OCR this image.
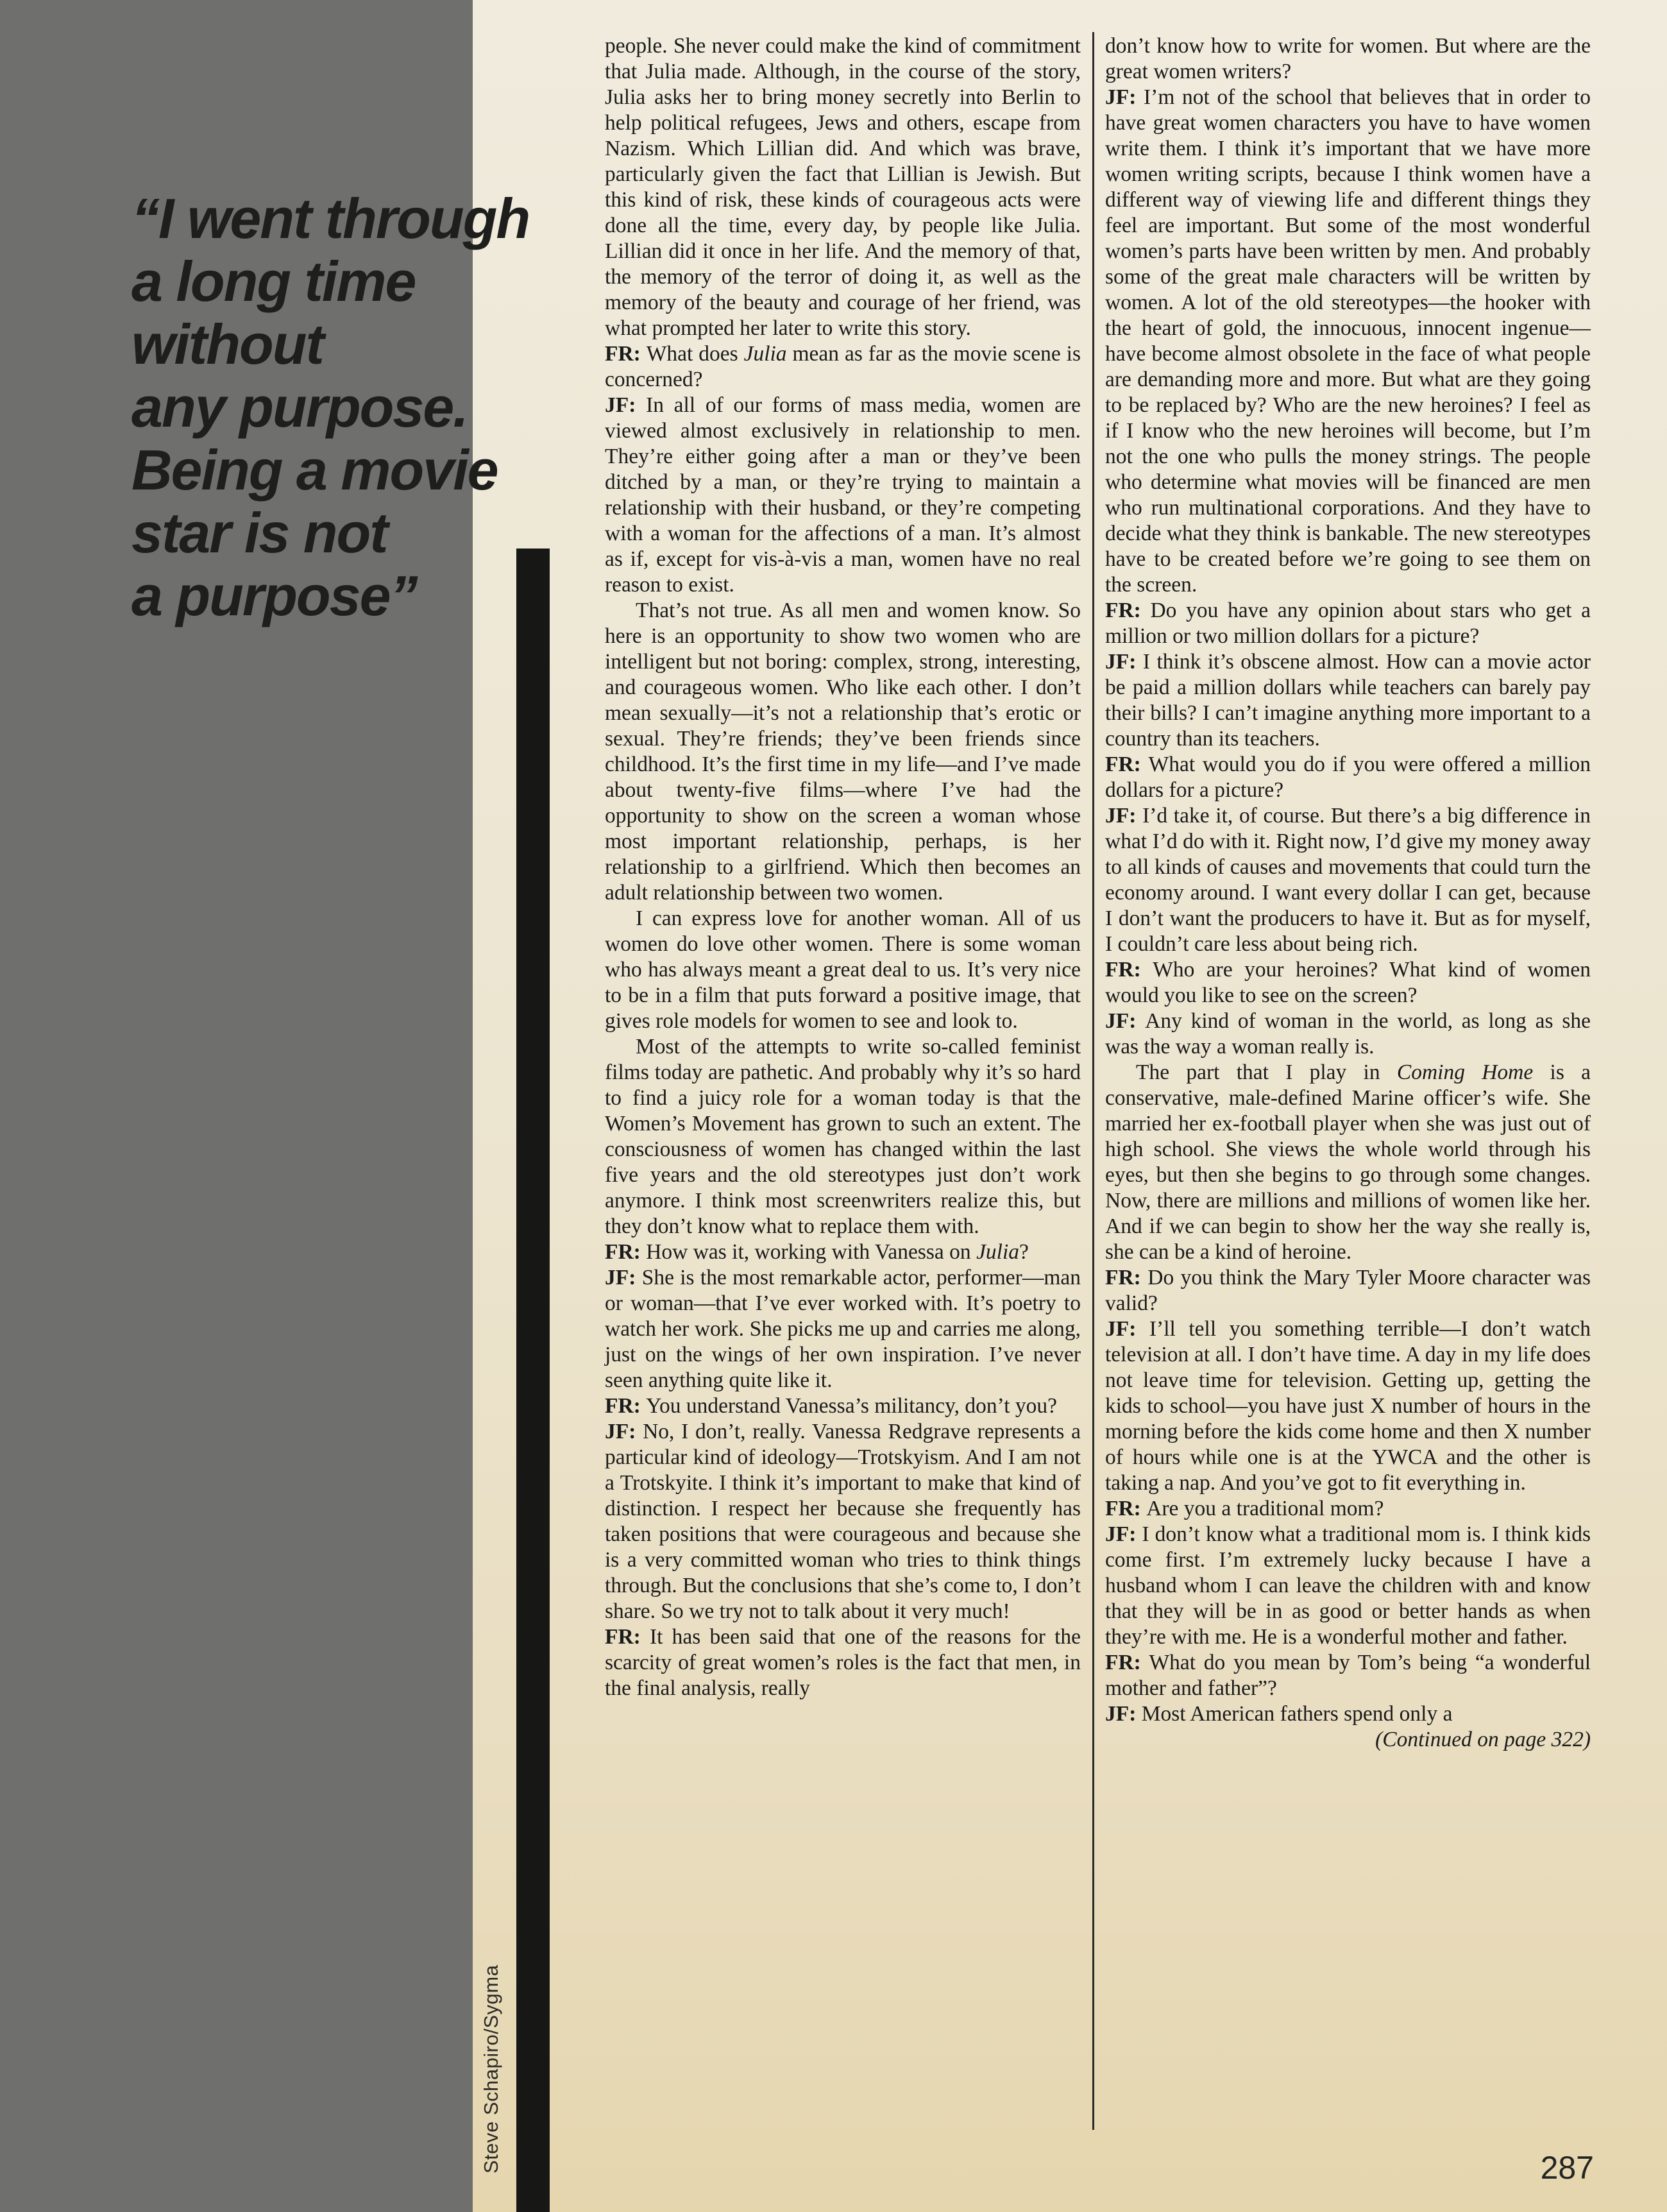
“I went through
a long time
without
any purpose.
Being a movie
star is not
a purpose”
Steve Schapiro/Sygma

people. She never could make the kind of commitment that Julia made. Although, in the course of the story, Julia asks her to bring money secretly into Berlin to help political refugees, Jews and others, escape from Nazism. Which Lillian did. And which was brave, particularly given the fact that Lillian is Jewish. But this kind of risk, these kinds of courageous acts were done all the time, every day, by people like Julia. Lillian did it once in her life. And the memory of that, the memory of the terror of doing it, as well as the memory of the beauty and courage of her friend, was what prompted her later to write this story.

FR: What does Julia mean as far as the movie scene is concerned?

JF: In all of our forms of mass media, women are viewed almost exclusively in relationship to men. They’re either going after a man or they’ve been ditched by a man, or they’re trying to maintain a relationship with their husband, or they’re competing with a woman for the affections of a man. It’s almost as if, except for vis-à-vis a man, women have no real reason to exist.

That’s not true. As all men and women know. So here is an opportunity to show two women who are intelligent but not boring: complex, strong, interesting, and courageous women. Who like each other. I don’t mean sexually—it’s not a relationship that’s erotic or sexual. They’re friends; they’ve been friends since childhood. It’s the first time in my life—and I’ve made about twenty-five films—where I’ve had the opportunity to show on the screen a woman whose most important relationship, perhaps, is her relationship to a girlfriend. Which then becomes an adult relationship between two women.

I can express love for another woman. All of us women do love other women. There is some woman who has always meant a great deal to us. It’s very nice to be in a film that puts forward a positive image, that gives role models for women to see and look to.

Most of the attempts to write so-called feminist films today are pathetic. And probably why it’s so hard to find a juicy role for a woman today is that the Women’s Movement has grown to such an extent. The consciousness of women has changed within the last five years and the old stereotypes just don’t work anymore. I think most screenwriters realize this, but they don’t know what to replace them with.

FR: How was it, working with Vanessa on Julia?

JF: She is the most remarkable actor, performer—man or woman—that I’ve ever worked with. It’s poetry to watch her work. She picks me up and carries me along, just on the wings of her own inspiration. I’ve never seen anything quite like it.

FR: You understand Vanessa’s militancy, don’t you?

JF: No, I don’t, really. Vanessa Redgrave represents a particular kind of ideology—Trotskyism. And I am not a Trotskyite. I think it’s important to make that kind of distinction. I respect her because she frequently has taken positions that were courageous and because she is a very committed woman who tries to think things through. But the conclusions that she’s come to, I don’t share. So we try not to talk about it very much!

FR: It has been said that one of the reasons for the scarcity of great women’s roles is the fact that men, in the final analysis, really

don’t know how to write for women. But where are the great women writers?

JF: I’m not of the school that believes that in order to have great women characters you have to have women write them. I think it’s important that we have more women writing scripts, because I think women have a different way of viewing life and different things they feel are important. But some of the most wonderful women’s parts have been written by men. And probably some of the great male characters will be written by women. A lot of the old stereotypes—the hooker with the heart of gold, the innocuous, innocent ingenue—have become almost obsolete in the face of what people are demanding more and more. But what are they going to be replaced by? Who are the new heroines? I feel as if I know who the new heroines will become, but I’m not the one who pulls the money strings. The people who determine what movies will be financed are men who run multinational corporations. And they have to decide what they think is bankable. The new stereotypes have to be created before we’re going to see them on the screen.

FR: Do you have any opinion about stars who get a million or two million dollars for a picture?

JF: I think it’s obscene almost. How can a movie actor be paid a million dollars while teachers can barely pay their bills? I can’t imagine anything more important to a country than its teachers.

FR: What would you do if you were offered a million dollars for a picture?

JF: I’d take it, of course. But there’s a big difference in what I’d do with it. Right now, I’d give my money away to all kinds of causes and movements that could turn the economy around. I want every dollar I can get, because I don’t want the producers to have it. But as for myself, I couldn’t care less about being rich.

FR: Who are your heroines? What kind of women would you like to see on the screen?

JF: Any kind of woman in the world, as long as she was the way a woman really is.

The part that I play in Coming Home is a conservative, male-defined Marine officer’s wife. She married her ex-football player when she was just out of high school. She views the whole world through his eyes, but then she begins to go through some changes. Now, there are millions and millions of women like her. And if we can begin to show her the way she really is, she can be a kind of heroine.

FR: Do you think the Mary Tyler Moore character was valid?

JF: I’ll tell you something terrible—I don’t watch television at all. I don’t have time. A day in my life does not leave time for television. Getting up, getting the kids to school—you have just X number of hours in the morning before the kids come home and then X number of hours while one is at the YWCA and the other is taking a nap. And you’ve got to fit everything in.

FR: Are you a traditional mom?

JF: I don’t know what a traditional mom is. I think kids come first. I’m extremely lucky because I have a husband whom I can leave the children with and know that they will be in as good or better hands as when they’re with me. He is a wonderful mother and father.

FR: What do you mean by Tom’s being “a wonderful mother and father”?

JF: Most American fathers spend only a

(Continued on page 322)

287
